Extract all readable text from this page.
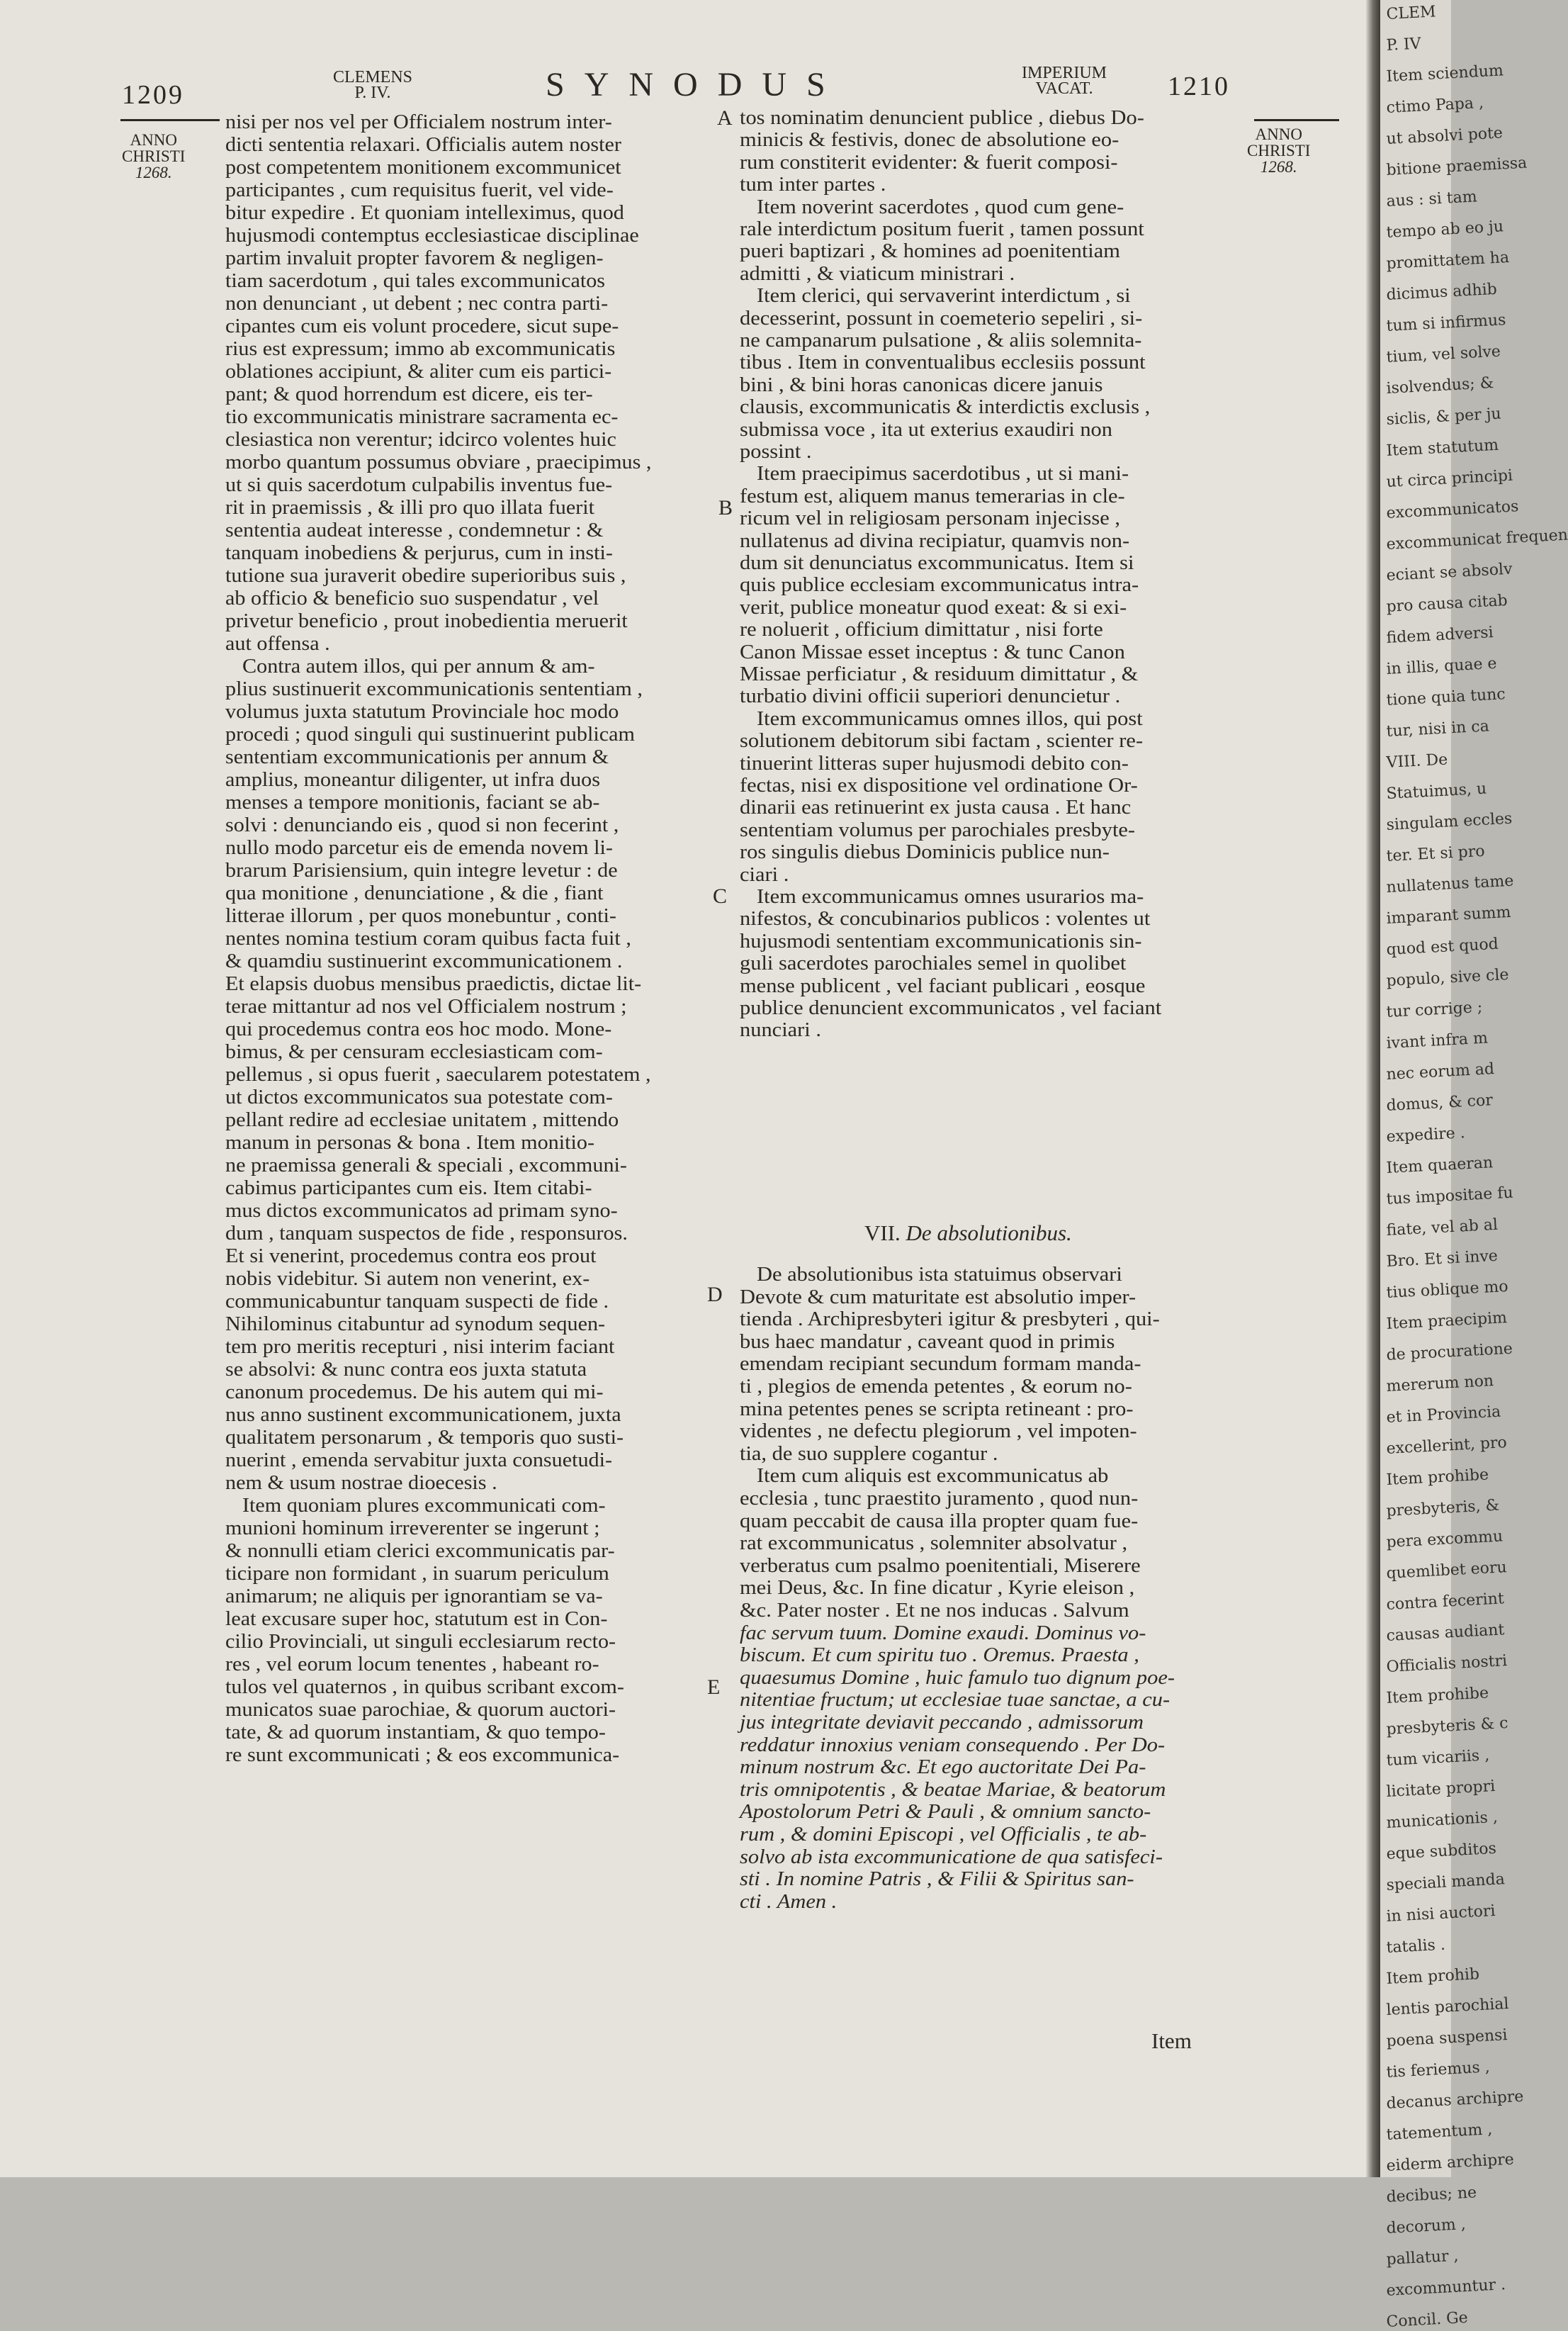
1209
CLEMENS
P. IV.	SYNODUS	IMPERIUM
VACAT.	1210
ANNO
CHRISTI
1268.
ANNO
CHRISTI
1268.
A
B
C
D
E
nisi per nos vel per Officialem nostrum inter-
dicti sententia relaxari. Officialis autem noster
post competentem monitionem excommunicet
participantes , cum requisitus fuerit, vel vide-
bitur expedire . Et quoniam intelleximus, quod
hujusmodi contemptus ecclesiasticae disciplinae
partim invaluit propter favorem & negligen-
tiam sacerdotum , qui tales excommunicatos
non denunciant , ut debent ; nec contra parti-
cipantes cum eis volunt procedere, sicut supe-
rius est expressum; immo ab excommunicatis
oblationes accipiunt, & aliter cum eis partici-
pant; & quod horrendum est dicere, eis ter-
tio excommunicatis ministrare sacramenta ec-
clesiastica non verentur; idcirco volentes huic
morbo quantum possumus obviare , praecipimus ,
ut si quis sacerdotum culpabilis inventus fue-
rit in praemissis , & illi pro quo illata fuerit
sententia audeat interesse , condemnetur : &
tanquam inobediens & perjurus, cum in insti-
tutione sua juraverit obedire superioribus suis ,
ab officio & beneficio suo suspendatur , vel
privetur beneficio , prout inobedientia meruerit
aut offensa .
Contra autem illos, qui per annum & am-
plius sustinuerit excommunicationis sententiam ,
volumus juxta statutum Provinciale hoc modo
procedi ; quod singuli qui sustinuerint publicam
sententiam excommunicationis per annum &
amplius, moneantur diligenter, ut infra duos
menses a tempore monitionis, faciant se ab-
solvi : denunciando eis , quod si non fecerint ,
nullo modo parcetur eis de emenda novem li-
brarum Parisiensium, quin integre levetur : de
qua monitione , denunciatione , & die , fiant
litterae illorum , per quos monebuntur , conti-
nentes nomina testium coram quibus facta fuit ,
& quamdiu sustinuerint excommunicationem .
Et elapsis duobus mensibus praedictis, dictae lit-
terae mittantur ad nos vel Officialem nostrum ;
qui procedemus contra eos hoc modo. Mone-
bimus, & per censuram ecclesiasticam com-
pellemus , si opus fuerit , saecularem potestatem ,
ut dictos excommunicatos sua potestate com-
pellant redire ad ecclesiae unitatem , mittendo
manum in personas & bona . Item monitio-
ne praemissa generali & speciali , excommuni-
cabimus participantes cum eis. Item citabi-
mus dictos excommunicatos ad primam syno-
dum , tanquam suspectos de fide , responsuros.
Et si venerint, procedemus contra eos prout
nobis videbitur. Si autem non venerint, ex-
communicabuntur tanquam suspecti de fide .
Nihilominus citabuntur ad synodum sequen-
tem pro meritis recepturi , nisi interim faciant
se absolvi: & nunc contra eos juxta statuta
canonum procedemus. De his autem qui mi-
nus anno sustinent excommunicationem, juxta
qualitatem personarum , & temporis quo susti-
nuerint , emenda servabitur juxta consuetudi-
nem & usum nostrae dioecesis .
Item quoniam plures excommunicati com-
munioni hominum irreverenter se ingerunt ;
& nonnulli etiam clerici excommunicatis par-
ticipare non formidant , in suarum periculum
animarum; ne aliquis per ignorantiam se va-
leat excusare super hoc, statutum est in Con-
cilio Provinciali, ut singuli ecclesiarum recto-
res , vel eorum locum tenentes , habeant ro-
tulos vel quaternos , in quibus scribant excom-
municatos suae parochiae, & quorum auctori-
tate, & ad quorum instantiam, & quo tempo-
re sunt excommunicati ; & eos excommunica-
tos nominatim denuncient publice , diebus Do-
minicis & festivis, donec de absolutione eo-
rum constiterit evidenter: & fuerit composi-
tum inter partes .
Item noverint sacerdotes , quod cum gene-
rale interdictum positum fuerit , tamen possunt
pueri baptizari , & homines ad poenitentiam
admitti , & viaticum ministrari .
Item clerici, qui servaverint interdictum , si
decesserint, possunt in coemeterio sepeliri , si-
ne campanarum pulsatione , & aliis solemnita-
tibus . Item in conventualibus ecclesiis possunt
bini , & bini horas canonicas dicere januis
clausis, excommunicatis & interdictis exclusis ,
submissa voce , ita ut exterius exaudiri non
possint .
Item praecipimus sacerdotibus , ut si mani-
festum est, aliquem manus temerarias in cle-
ricum vel in religiosam personam injecisse ,
nullatenus ad divina recipiatur, quamvis non-
dum sit denunciatus excommunicatus. Item si
quis publice ecclesiam excommunicatus intra-
verit, publice moneatur quod exeat: & si exi-
re noluerit , officium dimittatur , nisi forte
Canon Missae esset inceptus : & tunc Canon
Missae perficiatur , & residuum dimittatur , &
turbatio divini officii superiori denuncietur .
Item excommunicamus omnes illos, qui post
solutionem debitorum sibi factam , scienter re-
tinuerint litteras super hujusmodi debito con-
fectas, nisi ex dispositione vel ordinatione Or-
dinarii eas retinuerint ex justa causa . Et hanc
sententiam volumus per parochiales presbyte-
ros singulis diebus Dominicis publice nun-
ciari .
Item excommunicamus omnes usurarios ma-
nifestos, & concubinarios publicos : volentes ut
hujusmodi sententiam excommunicationis sin-
guli sacerdotes parochiales semel in quolibet
mense publicent , vel faciant publicari , eosque
publice denuncient excommunicatos , vel faciant
nunciari .
VII. De absolutionibus.
De absolutionibus ista statuimus observari
Devote & cum maturitate est absolutio imper-
tienda . Archipresbyteri igitur & presbyteri , qui-
bus haec mandatur , caveant quod in primis
emendam recipiant secundum formam manda-
ti , plegios de emenda petentes , & eorum no-
mina petentes penes se scripta retineant : pro-
videntes , ne defectu plegiorum , vel impoten-
tia, de suo supplere cogantur .
Item cum aliquis est excommunicatus ab
ecclesia , tunc praestito juramento , quod nun-
quam peccabit de causa illa propter quam fue-
rat excommunicatus , solemniter absolvatur ,
verberatus cum psalmo poenitentiali, Miserere
mei Deus, &c. In fine dicatur , Kyrie eleison ,
&c. Pater noster . Et ne nos inducas . Salvum
fac servum tuum. Domine exaudi. Dominus vo-
biscum. Et cum spiritu tuo . Oremus. Praesta ,
quaesumus Domine , huic famulo tuo dignum poe-
nitentiae fructum; ut ecclesiae tuae sanctae, a cu-
jus integritate deviavit peccando , admissorum
reddatur innoxius veniam consequendo . Per Do-
minum nostrum &c. Et ego auctoritate Dei Pa-
tris omnipotentis , & beatae Mariae, & beatorum
Apostolorum Petri & Pauli , & omnium sancto-
rum , & domini Episcopi , vel Officialis , te ab-
solvo ab ista excommunicatione de qua satisfeci-
sti . In nomine Patris , & Filii & Spiritus san-
cti . Amen .
Item
CLEM
P. IV
Item sciendum
ctimo Papa ,
ut absolvi pote
bitione praemissa
aus : si tam
tempo ab eo ju
promittatem ha
dicimus adhib
tum si infirmus
tium, vel solve
isolvendus; &
siclis, & per ju
Item statutum
ut circa principi
excommunicatos
excommunicat frequen
eciant se absolv
pro causa citab
fidem adversi
in illis, quae e
tione quia tunc
tur, nisi in ca
VIII. De
Statuimus, u
singulam eccles
ter. Et si pro
nullatenus tame
imparant summ
quod est quod
populo, sive cle
tur corrige ;
ivant infra m
nec eorum ad
domus, & cor
expedire .
Item quaeran
tus impositae fu
fiate, vel ab al
Bro. Et si inve
tius oblique mo
Item praecipim
de procuratione
mererum non
et in Provincia
excellerint, pro
Item prohibe
presbyteris, &
pera excommu
quemlibet eoru
contra fecerint
causas audiant
Officialis nostri
Item prohibe
presbyteris & c
tum vicariis ,
licitate propri
municationis ,
eque subditos
speciali manda
in nisi auctori
tatalis .
Item prohib
lentis parochial
poena suspensi
tis feriemus ,
decanus archipre
tatementum ,
eiderm archipre
decibus; ne
decorum ,
pallatur ,
excommuntur .
Concil. Ge
